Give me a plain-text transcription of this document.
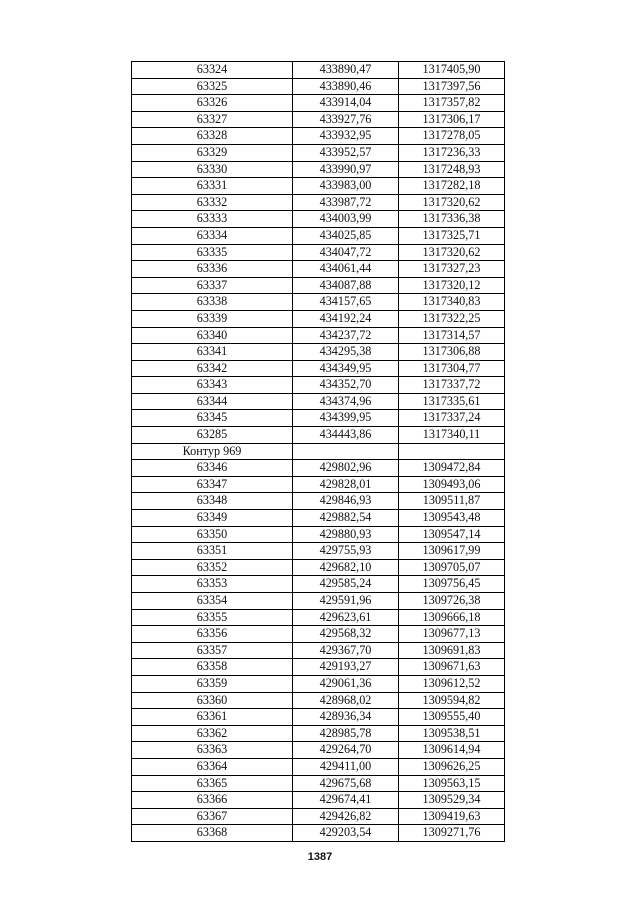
63324	433890,47	1317405,90
63325	433890,46	1317397,56
63326	433914,04	1317357,82
63327	433927,76	1317306,17
63328	433932,95	1317278,05
63329	433952,57	1317236,33
63330	433990,97	1317248,93
63331	433983,00	1317282,18
63332	433987,72	1317320,62
63333	434003,99	1317336,38
63334	434025,85	1317325,71
63335	434047,72	1317320,62
63336	434061,44	1317327,23
63337	434087,88	1317320,12
63338	434157,65	1317340,83
63339	434192,24	1317322,25
63340	434237,72	1317314,57
63341	434295,38	1317306,88
63342	434349,95	1317304,77
63343	434352,70	1317337,72
63344	434374,96	1317335,61
63345	434399,95	1317337,24
63285	434443,86	1317340,11
Контур 969		
63346	429802,96	1309472,84
63347	429828,01	1309493,06
63348	429846,93	1309511,87
63349	429882,54	1309543,48
63350	429880,93	1309547,14
63351	429755,93	1309617,99
63352	429682,10	1309705,07
63353	429585,24	1309756,45
63354	429591,96	1309726,38
63355	429623,61	1309666,18
63356	429568,32	1309677,13
63357	429367,70	1309691,83
63358	429193,27	1309671,63
63359	429061,36	1309612,52
63360	428968,02	1309594,82
63361	428936,34	1309555,40
63362	428985,78	1309538,51
63363	429264,70	1309614,94
63364	429411,00	1309626,25
63365	429675,68	1309563,15
63366	429674,41	1309529,34
63367	429426,82	1309419,63
63368	429203,54	1309271,76
1387
